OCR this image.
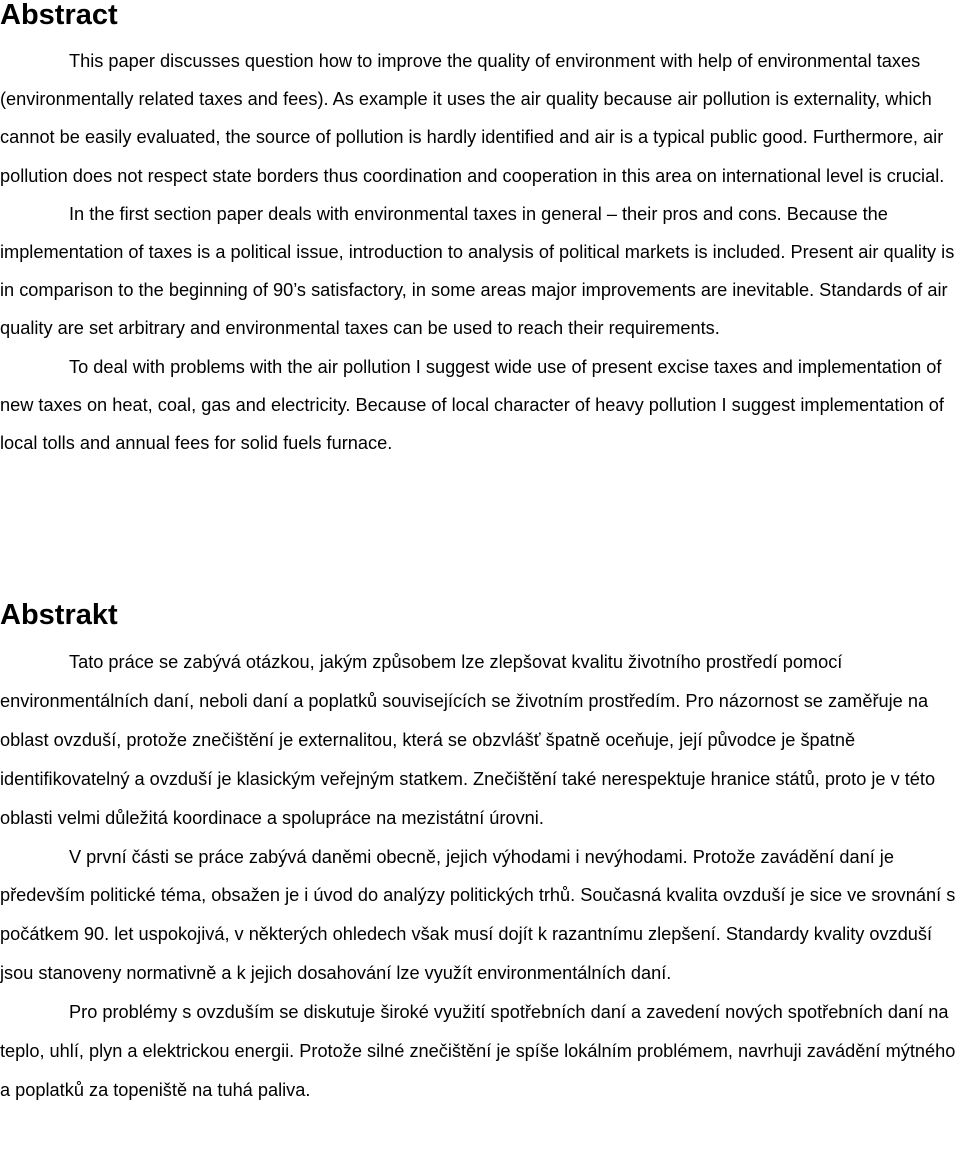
Abstract

This paper discusses question how to improve the quality of environment with help of environmental taxes (environmentally related taxes and fees). As example it uses the air quality because air pollution is externality, which cannot be easily evaluated, the source of pollution is hardly identified and air is a typical public good. Furthermore, air pollution does not respect state borders thus coordination and cooperation in this area on international level is crucial.

In the first section paper deals with environmental taxes in general – their pros and cons. Because the implementation of taxes is a political issue, introduction to analysis of political markets is included. Present air quality is in comparison to the beginning of 90’s satisfactory, in some areas major improvements are inevitable. Standards of air quality are set arbitrary and environmental taxes can be used to reach their requirements.

To deal with problems with the air pollution I suggest wide use of present excise taxes and implementation of new taxes on heat, coal, gas and electricity. Because of local character of heavy pollution I suggest implementation of local tolls and annual fees for solid fuels furnace.

Abstrakt

Tato práce se zabývá otázkou, jakým způsobem lze zlepšovat kvalitu životního prostředí pomocí environmentálních daní, neboli daní a poplatků souvisejících se životním prostředím. Pro názornost se zaměřuje na oblast ovzduší, protože znečištění je externalitou, která se obzvlášť špatně oceňuje, její původce je špatně identifikovatelný a ovzduší je klasickým veřejným statkem. Znečištění také nerespektuje hranice států, proto je v této oblasti velmi důležitá koordinace a spolupráce na mezistátní úrovni.

V první části se práce zabývá daněmi obecně, jejich výhodami i nevýhodami. Protože zavádění daní je především politické téma, obsažen je i úvod do analýzy politických trhů. Současná kvalita ovzduší je sice ve srovnání s počátkem 90. let uspokojivá, v některých ohledech však musí dojít k razantnímu zlepšení. Standardy kvality ovzduší jsou stanoveny normativně a k jejich dosahování lze využít environmentálních daní.

Pro problémy s ovzduším se diskutuje široké využití spotřebních daní a zavedení nových spotřebních daní na teplo, uhlí, plyn a elektrickou energii. Protože silné znečištění je spíše lokálním problémem, navrhuji zavádění mýtného a poplatků za topeniště na tuhá paliva.
